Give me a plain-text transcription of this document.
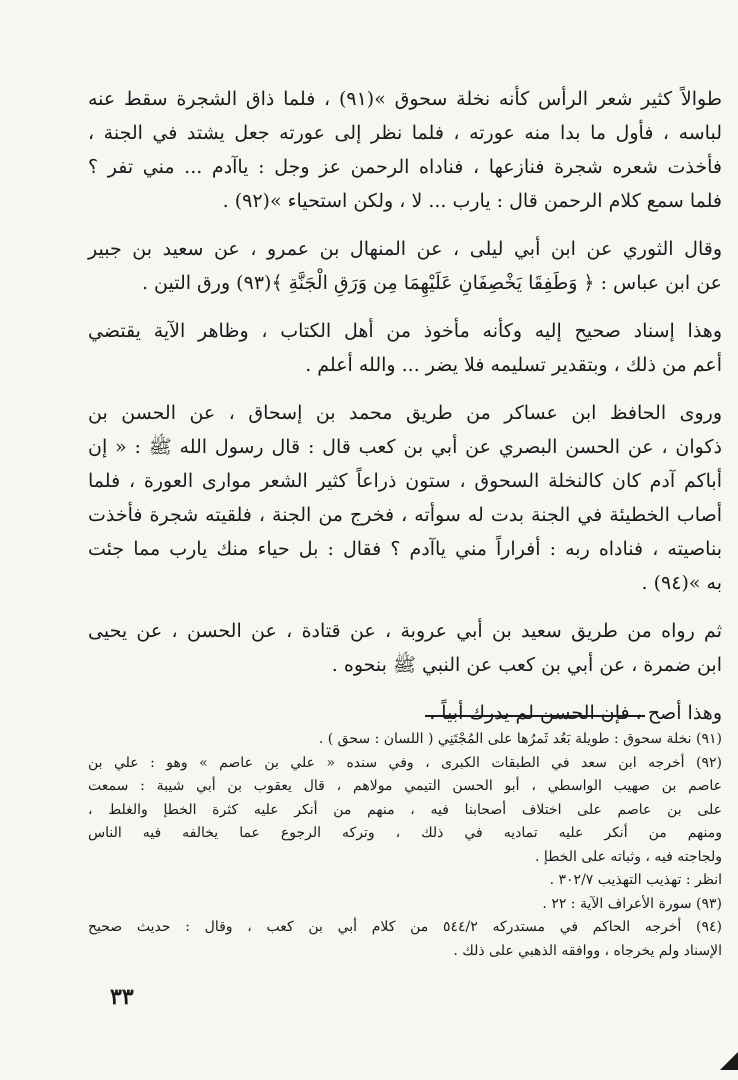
طوالاً كثير شعر الرأس كأنه نخلة سحوق »(٩١) ، فلما ذاق الشجرة سقط عنه
لباسه ، فأول ما بدا منه عورته ، فلما نظر إلى عورته جعل يشتد في الجنة ،
فأخذت شعره شجرة فنازعها ، فناداه الرحمن عز وجل : ياآدم ... مني تفر ؟
فلما سمع كلام الرحمن قال : يارب ... لا ، ولكن استحياء »(٩٢) .
وقال الثوري عن ابن أبي ليلى ، عن المنهال بن عمرو ، عن سعيد بن جبير
عن ابن عباس : ﴿ وَطَفِقَا يَخْصِفَانِ عَلَيْهِمَا مِن وَرَقِ الْجَنَّةِ ﴾(٩٣) ورق التين .
وهذا إسناد صحيح إليه وكأنه مأخوذ من أهل الكتاب ، وظاهر الآية يقتضي
أعم من ذلك ، وبتقدير تسليمه فلا يضر ... والله أعلم .
وروى الحافظ ابن عساكر من طريق محمد بن إسحاق ، عن الحسن بن
ذكوان ، عن الحسن البصري عن أبي بن كعب قال : قال رسول الله ﷺ : « إن
أباكم آدم كان كالنخلة السحوق ، ستون ذراعاً كثير الشعر موارى العورة ، فلما
أصاب الخطيئة في الجنة بدت له سوأته ، فخرج من الجنة ، فلقيته شجرة فأخذت
بناصيته ، فناداه ربه : أفراراً مني ياآدم ؟ فقال : بل حياء منك يارب مما جئت
به »(٩٤) .
ثم رواه من طريق سعيد بن أبي عروبة ، عن قتادة ، عن الحسن ، عن يحيى
ابن ضمرة ، عن أبي بن كعب عن النبي ﷺ بنحوه .
وهذا أصح ، فإن الحسن لم يدرك أبياً .
(٩١) نخلة سحوق : طويلة بَعُد ثَمرُها على المُجْتَنِي ( اللسان : سحق ) .
(٩٢) أخرجه ابن سعد في الطبقات الكبرى ، وفي سنده « علي بن عاصم » وهو : علي بن
عاصم بن صهيب الواسطي ، أبو الحسن التيمي مولاهم ، قال يعقوب بن أبي شيبة : سمعت
على بن عاصم على اختلاف أصحابنا فيه ، منهم من أنكر عليه كثرة الخطإ والغلط ،
ومنهم من أنكر عليه تماديه في ذلك ، وتركه الرجوع عما يخالفه فيه الناس
ولجاجته فيه ، وثباته على الخطإ .
انظر : تهذيب التهذيب ٣٠٢/٧ .
(٩٣) سورة الأعراف الآية : ٢٢ .
(٩٤) أخرجه الحاكم في مستدركه ٥٤٤/٢ من كلام أبي بن كعب ، وقال : حديث صحيح
الإسناد ولم يخرجاه ، ووافقه الذهبي على ذلك .
٣٣
